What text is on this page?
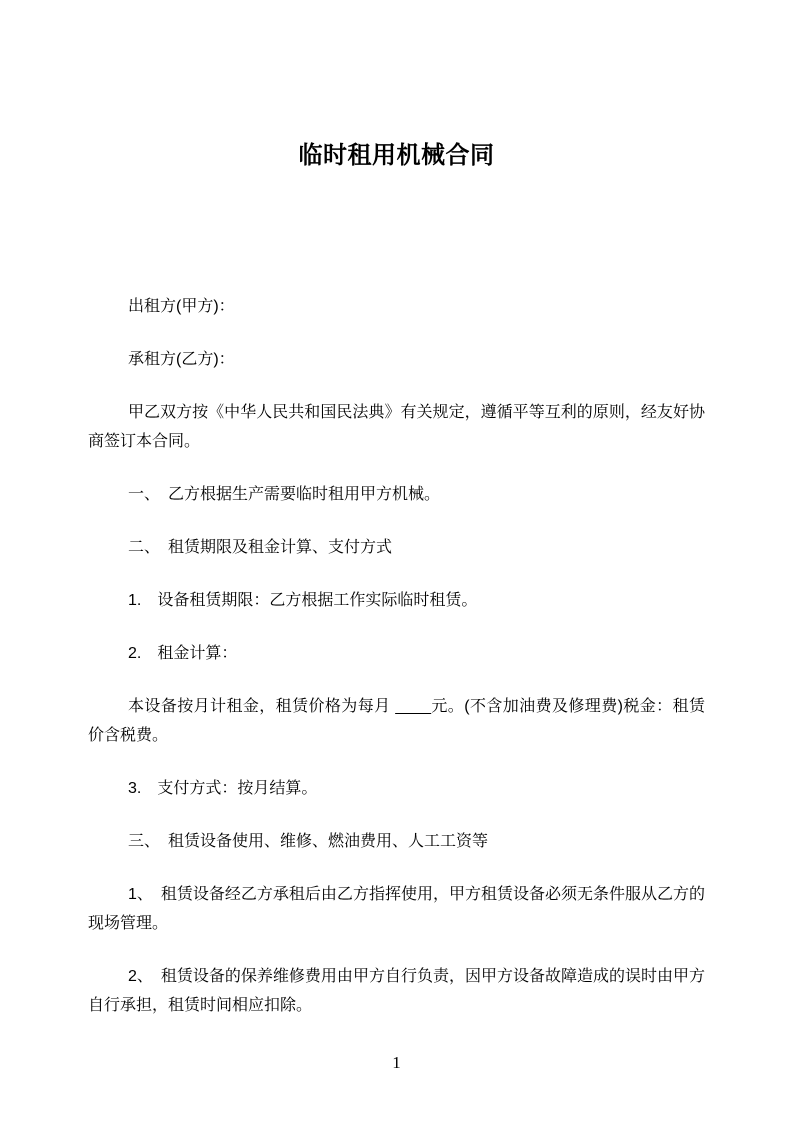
临时租用机械合同

出租方(甲方)：

承租方(乙方)：

甲乙双方按《中华人民共和国民法典》有关规定，遵循平等互利的原则，经友好协商签订本合同。

一、　乙方根据生产需要临时租用甲方机械。

二、　租赁期限及租金计算、支付方式

1.　设备租赁期限：乙方根据工作实际临时租赁。

2.　租金计算：

本设备按月计租金，租赁价格为每月 ____元。(不含加油费及修理费)税金：租赁价含税费。

3.　支付方式：按月结算。

三、　租赁设备使用、维修、燃油费用、人工工资等

1、　租赁设备经乙方承租后由乙方指挥使用，甲方租赁设备必须无条件服从乙方的现场管理。

2、　租赁设备的保养维修费用由甲方自行负责，因甲方设备故障造成的误时由甲方自行承担，租赁时间相应扣除。

1
